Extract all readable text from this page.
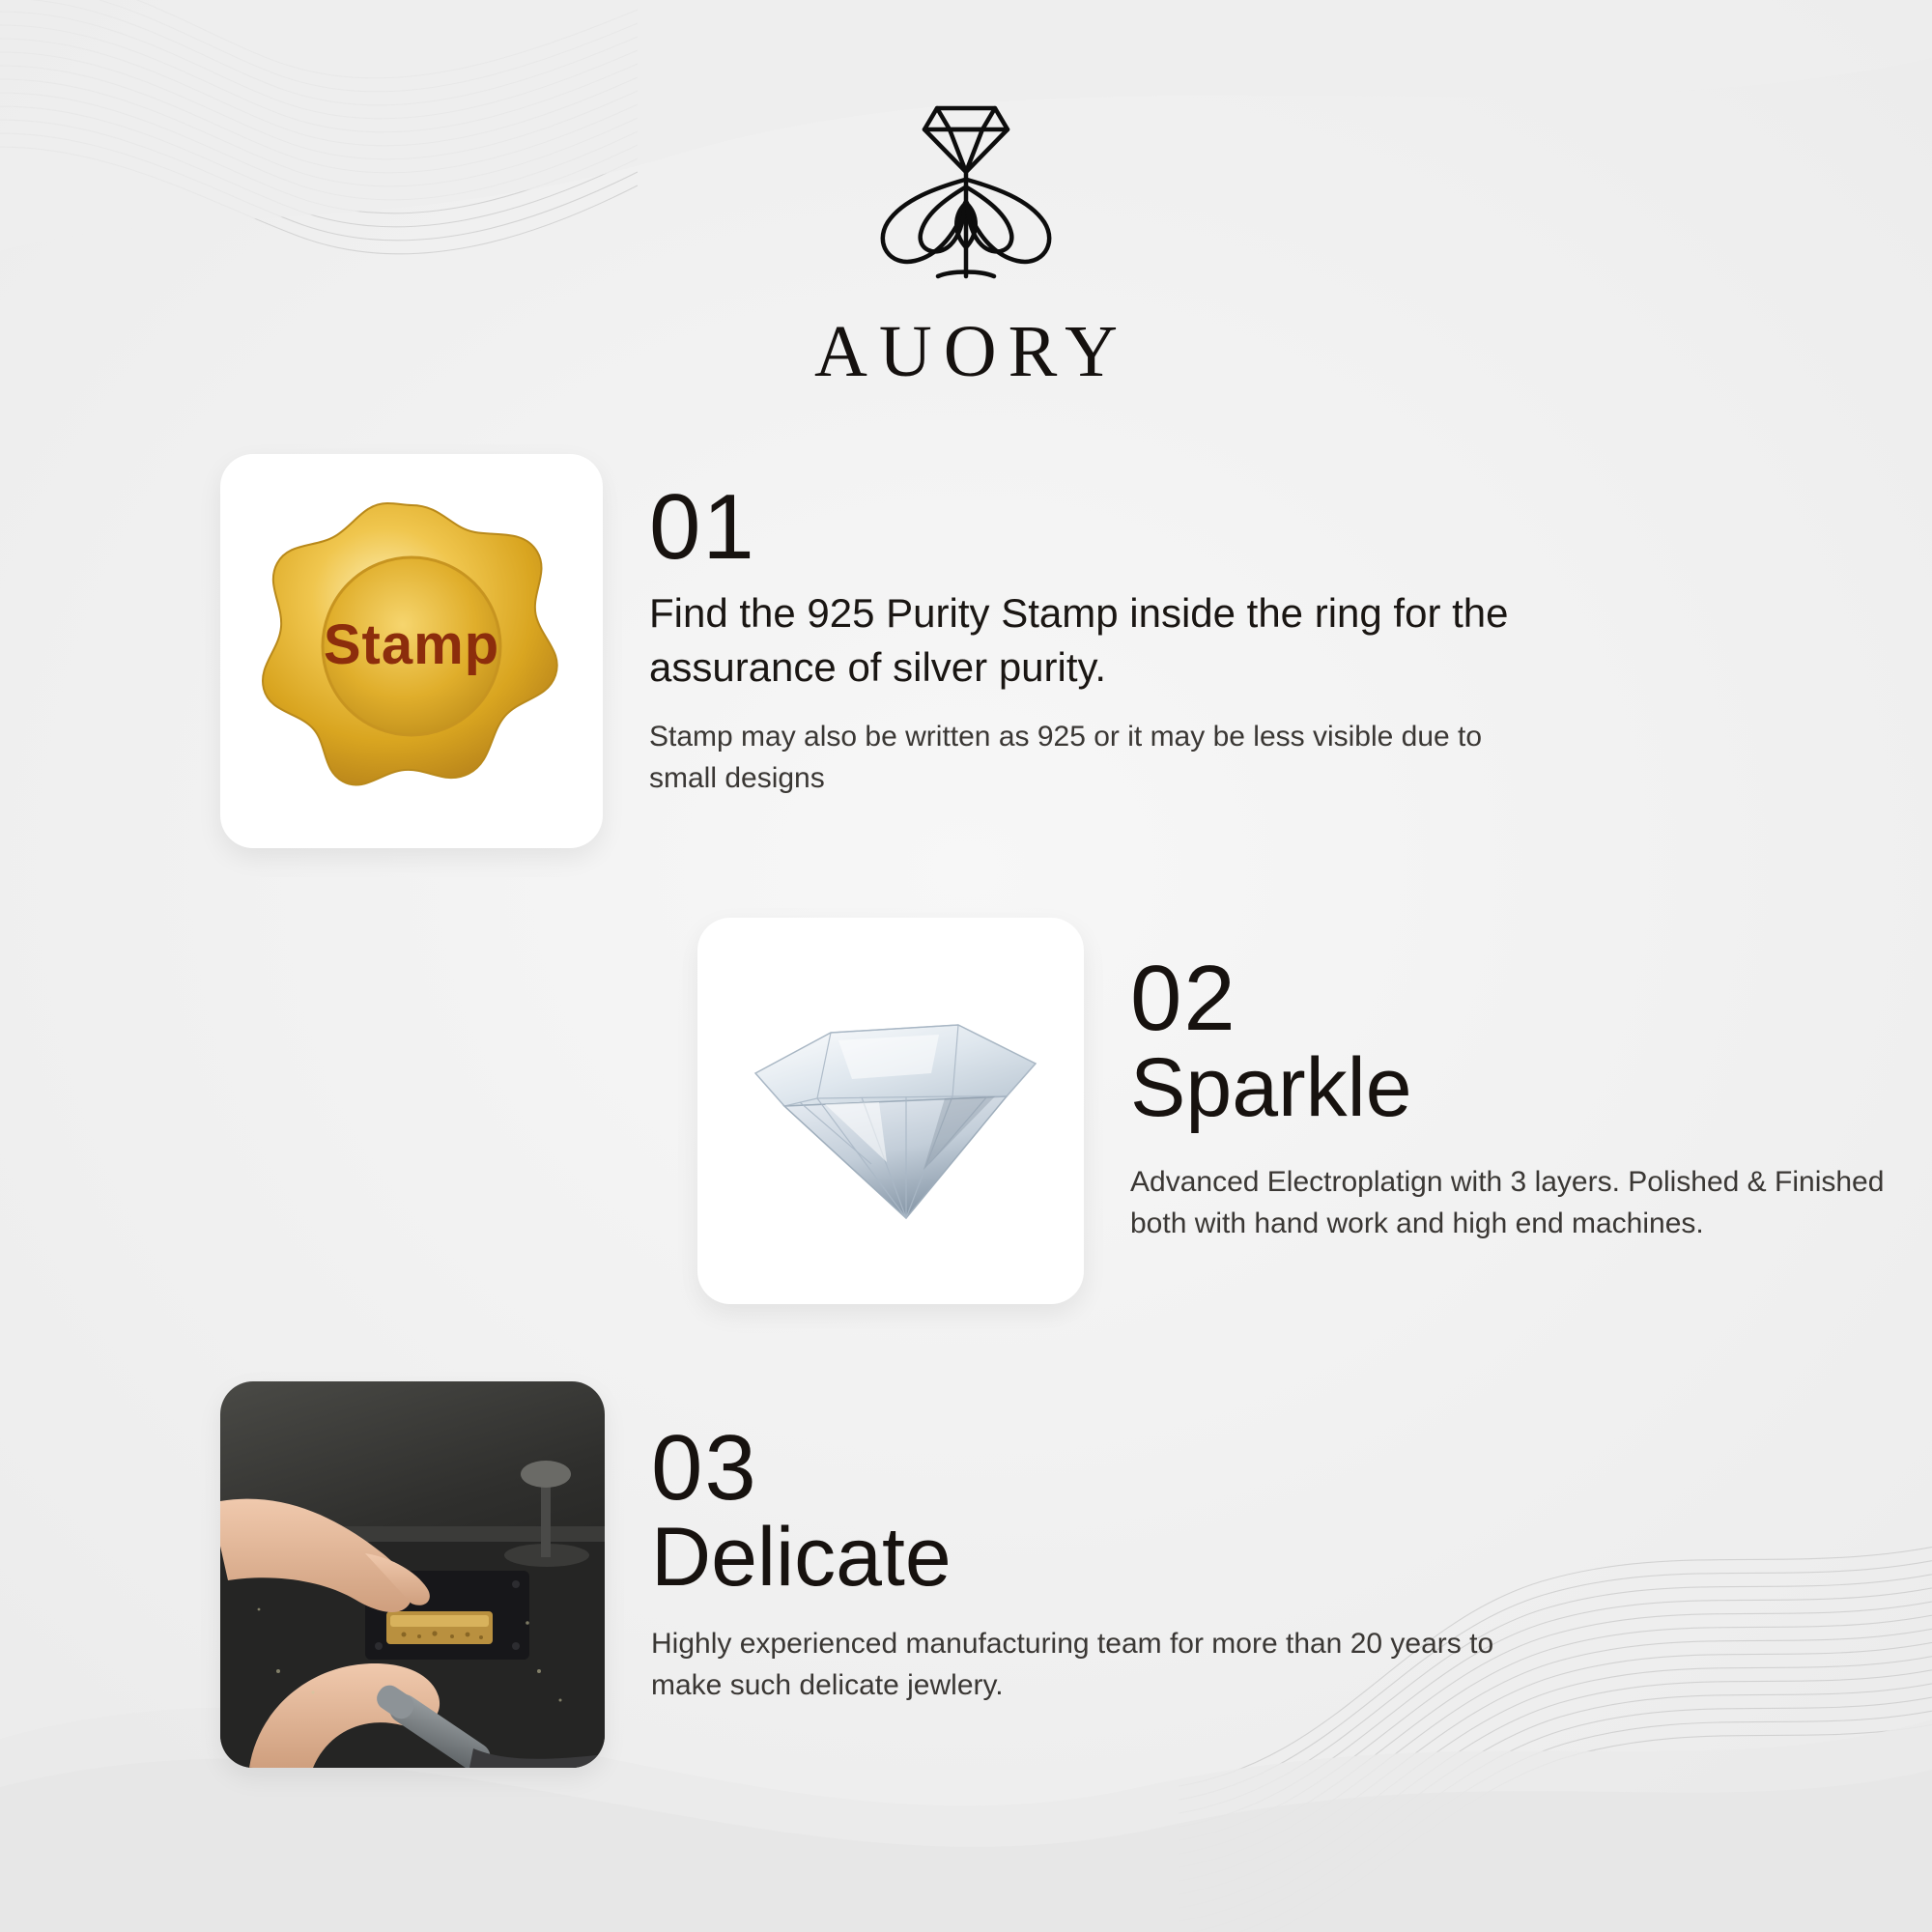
AUORY
Stamp
01
Find the 925 Purity Stamp inside the ring for the assurance of silver purity.
Stamp may also be written as 925 or it may be less visible due to small designs
02
Sparkle
Advanced Electroplatign with 3 layers. Polished & Finished both with hand work and high end machines.
03
Delicate
Highly experienced manufacturing team for more than 20 years to make such delicate jewlery.
